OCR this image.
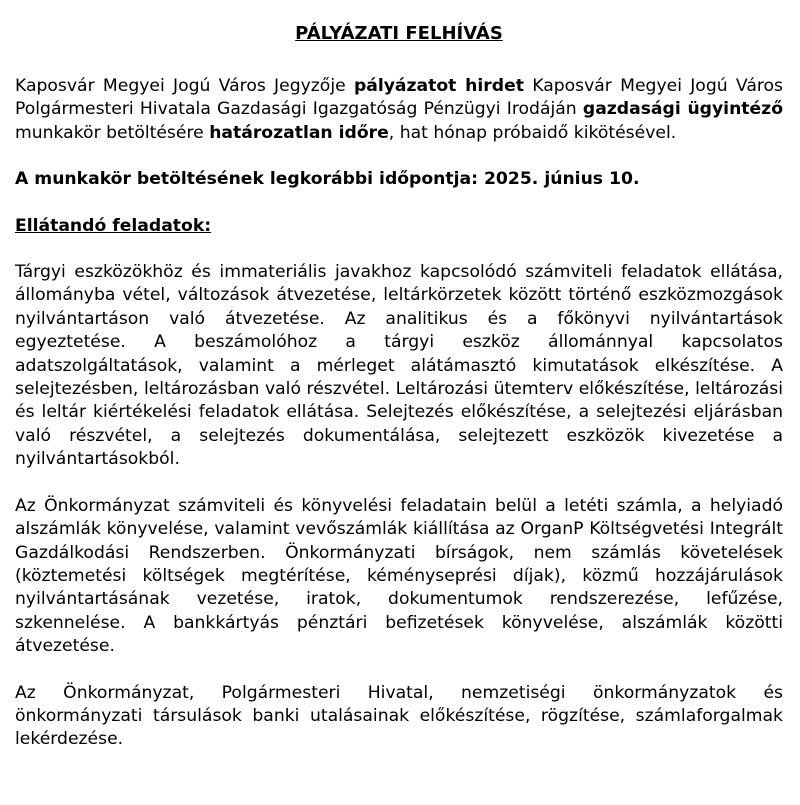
PÁLYÁZATI FELHÍVÁS

Kaposvár Megyei Jogú Város Jegyzője pályázatot hirdet Kaposvár Megyei Jogú Város Polgármesteri Hivatala Gazdasági Igazgatóság Pénzügyi Irodáján gazdasági ügyintéző munkakör betöltésére határozatlan időre, hat hónap próbaidő kikötésével.

A munkakör betöltésének legkorábbi időpontja: 2025. június 10.
Ellátandó feladatok:

Tárgyi eszközökhöz és immateriális javakhoz kapcsolódó számviteli feladatok ellátása, állományba vétel, változások átvezetése, leltárkörzetek között történő eszközmozgások nyilvántartáson való átvezetése. Az analitikus és a főkönyvi nyilvántartások egyeztetése. A beszámolóhoz a tárgyi eszköz állománnyal kapcsolatos adatszolgáltatások, valamint a mérleget alátámasztó kimutatások elkészítése. A selejtezésben, leltározásban való részvétel. Leltározási ütemterv előkészítése, leltározási és leltár kiértékelési feladatok ellátása. Selejtezés előkészítése, a selejtezési eljárásban való részvétel, a selejtezés dokumentálása, selejtezett eszközök kivezetése a nyilvántartásokból.

Az Önkormányzat számviteli és könyvelési feladatain belül a letéti számla, a helyiadó alszámlák könyvelése, valamint vevőszámlák kiállítása az OrganP Költségvetési Integrált Gazdálkodási Rendszerben. Önkormányzati bírságok, nem számlás követelések (köztemetési költségek megtérítése, kéményseprési díjak), közmű hozzájárulások nyilvántartásának vezetése, iratok, dokumentumok rendszerezése, lefűzése, szkennelése. A bankkártyás pénztári befizetések könyvelése, alszámlák közötti átvezetése.

Az Önkormányzat, Polgármesteri Hivatal, nemzetiségi önkormányzatok és önkormányzati társulások banki utalásainak előkészítése, rögzítése, számlaforgalmak lekérdezése.
